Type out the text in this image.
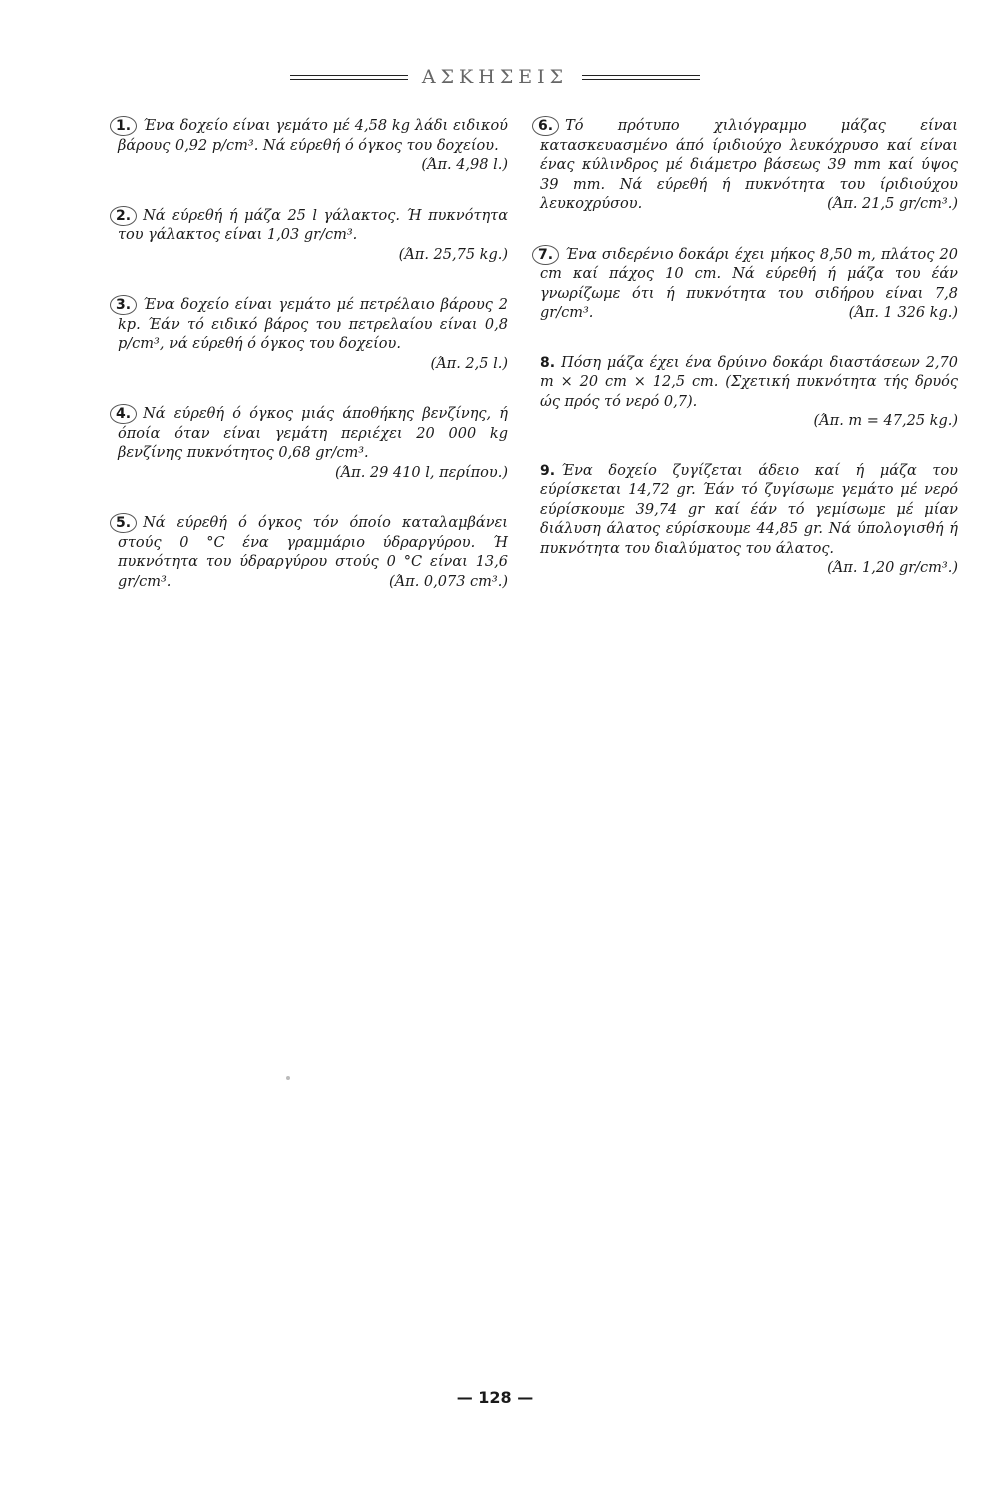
ΑΣΚΗΣΕΙΣ

1. Ένα δοχείο είναι γεμάτο μέ 4,58 kg λάδι ειδικού βάρους 0,92 p/cm³. Νά εύρεθή ό όγκος του δοχείου.
(Άπ. 4,98 l.)

2. Νά εύρεθή ή μάζα 25 l γάλακτος. Ή πυκνότητα του γάλακτος είναι 1,03 gr/cm³.
(Άπ. 25,75 kg.)

3. Ένα δοχείο είναι γεμάτο μέ πετρέλαιο βάρους 2 kp. Έάν τό ειδικό βάρος του πετρελαίου είναι 0,8 p/cm³, νά εύρεθή ό όγκος του δοχείου.
(Άπ. 2,5 l.)

4. Νά εύρεθή ό όγκος μιάς άποθήκης βενζίνης, ή όποία όταν είναι γεμάτη περιέχει 20 000 kg βενζίνης πυκνότητος 0,68 gr/cm³.
(Άπ. 29 410 l, περίπου.)

5. Νά εύρεθή ό όγκος τόν όποίο καταλαμβάνει στούς 0 °C ένα γραμμάριο ύδραργύρου. Ή πυκνότητα του ύδραργύρου στούς 0 °C είναι 13,6 gr/cm³.	(Άπ. 0,073 cm³.)

6. Τό πρότυπο χιλιόγραμμο μάζας είναι κατασκευασμένο άπό ίριδιούχο λευκόχρυσο καί είναι ένας κύλινδρος μέ διάμετρο βάσεως 39 mm καί ύψος 39 mm. Νά εύρεθή ή πυκνότητα του ίριδιούχου λευκοχρύσου.	(Άπ. 21,5 gr/cm³.)

7. Ένα σιδερένιο δοκάρι έχει μήκος 8,50 m, πλάτος 20 cm καί πάχος 10 cm. Νά εύρεθή ή μάζα του έάν γνωρίζωμε ότι ή πυκνότητα του σιδήρου είναι 7,8 gr/cm³.	(Άπ. 1 326 kg.)

8. Πόση μάζα έχει ένα δρύινο δοκάρι διαστάσεων 2,70 m × 20 cm × 12,5 cm. (Σχετική πυκνότητα τής δρυός ώς πρός τό νερό 0,7).
(Άπ. m = 47,25 kg.)

9. Ένα δοχείο ζυγίζεται άδειο καί ή μάζα του εύρίσκεται 14,72 gr. Έάν τό ζυγίσωμε γεμάτο μέ νερό εύρίσκουμε 39,74 gr καί έάν τό γεμίσωμε μέ μίαν διάλυση άλατος εύρίσκουμε 44,85 gr. Νά ύπολογισθή ή πυκνότητα του διαλύματος του άλατος.
(Άπ. 1,20 gr/cm³.)

— 128 —
